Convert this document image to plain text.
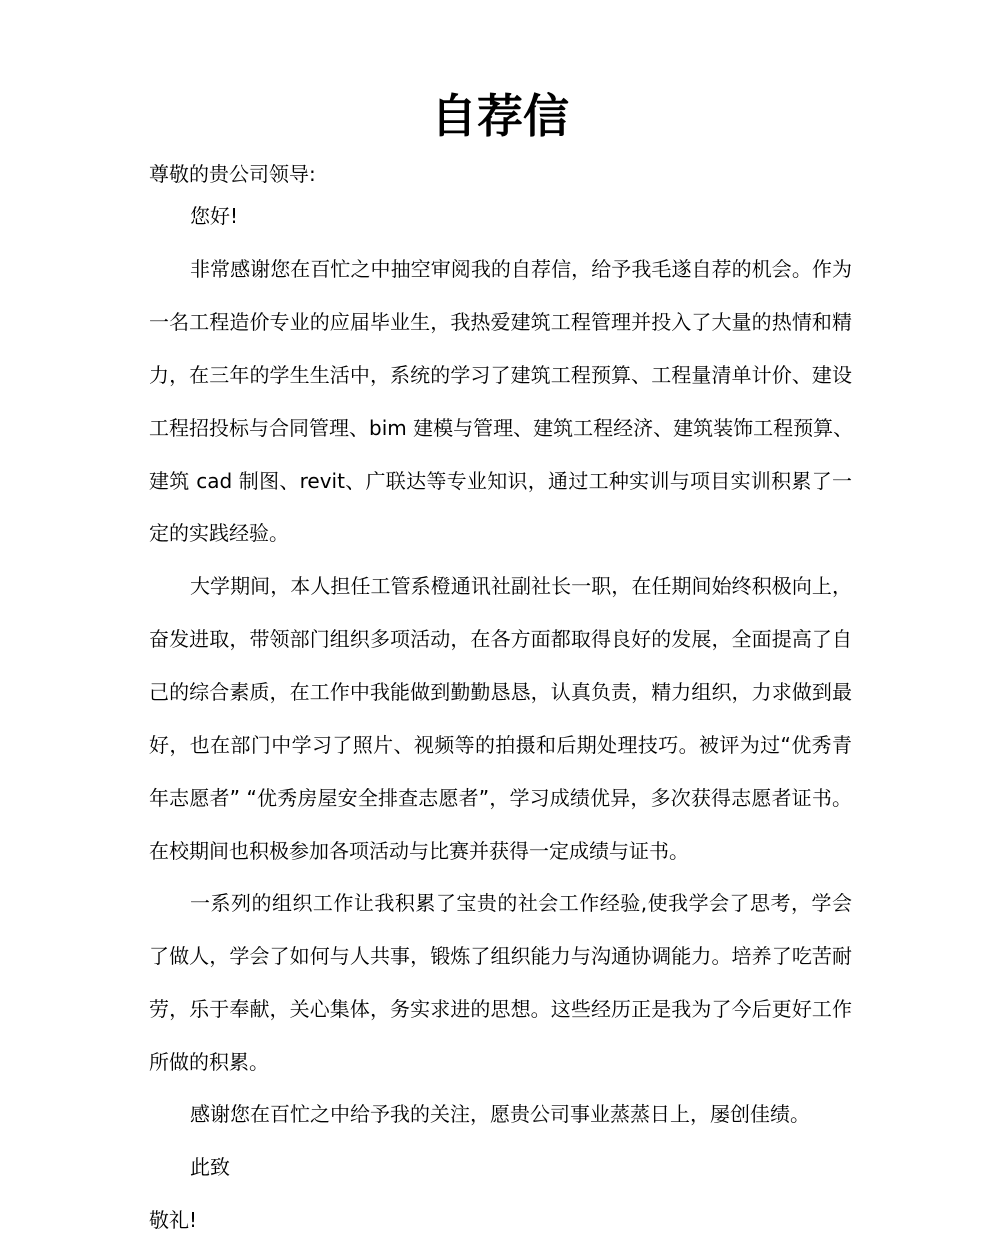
自荐信

尊敬的贵公司领导:

您好!

非常感谢您在百忙之中抽空审阅我的自荐信，给予我毛遂自荐的机会。作为

一名工程造价专业的应届毕业生，我热爱建筑工程管理并投入了大量的热情和精

力，在三年的学生生活中，系统的学习了建筑工程预算、工程量清单计价、建设

工程招投标与合同管理、bim 建模与管理、建筑工程经济、建筑装饰工程预算、

建筑 cad 制图、revit、广联达等专业知识，通过工种实训与项目实训积累了一

定的实践经验。

大学期间，本人担任工管系橙通讯社副社长一职，在任期间始终积极向上，

奋发进取，带领部门组织多项活动，在各方面都取得良好的发展，全面提高了自

己的综合素质，在工作中我能做到勤勤恳恳，认真负责，精力组织，力求做到最

好，也在部门中学习了照片、视频等的拍摄和后期处理技巧。被评为过“优秀青

年志愿者” “优秀房屋安全排查志愿者”，学习成绩优异，多次获得志愿者证书。

在校期间也积极参加各项活动与比赛并获得一定成绩与证书。

一系列的组织工作让我积累了宝贵的社会工作经验,使我学会了思考，学会

了做人，学会了如何与人共事，锻炼了组织能力与沟通协调能力。培养了吃苦耐

劳，乐于奉献，关心集体，务实求进的思想。这些经历正是我为了今后更好工作

所做的积累。

感谢您在百忙之中给予我的关注，愿贵公司事业蒸蒸日上，屡创佳绩。

此致

敬礼!
